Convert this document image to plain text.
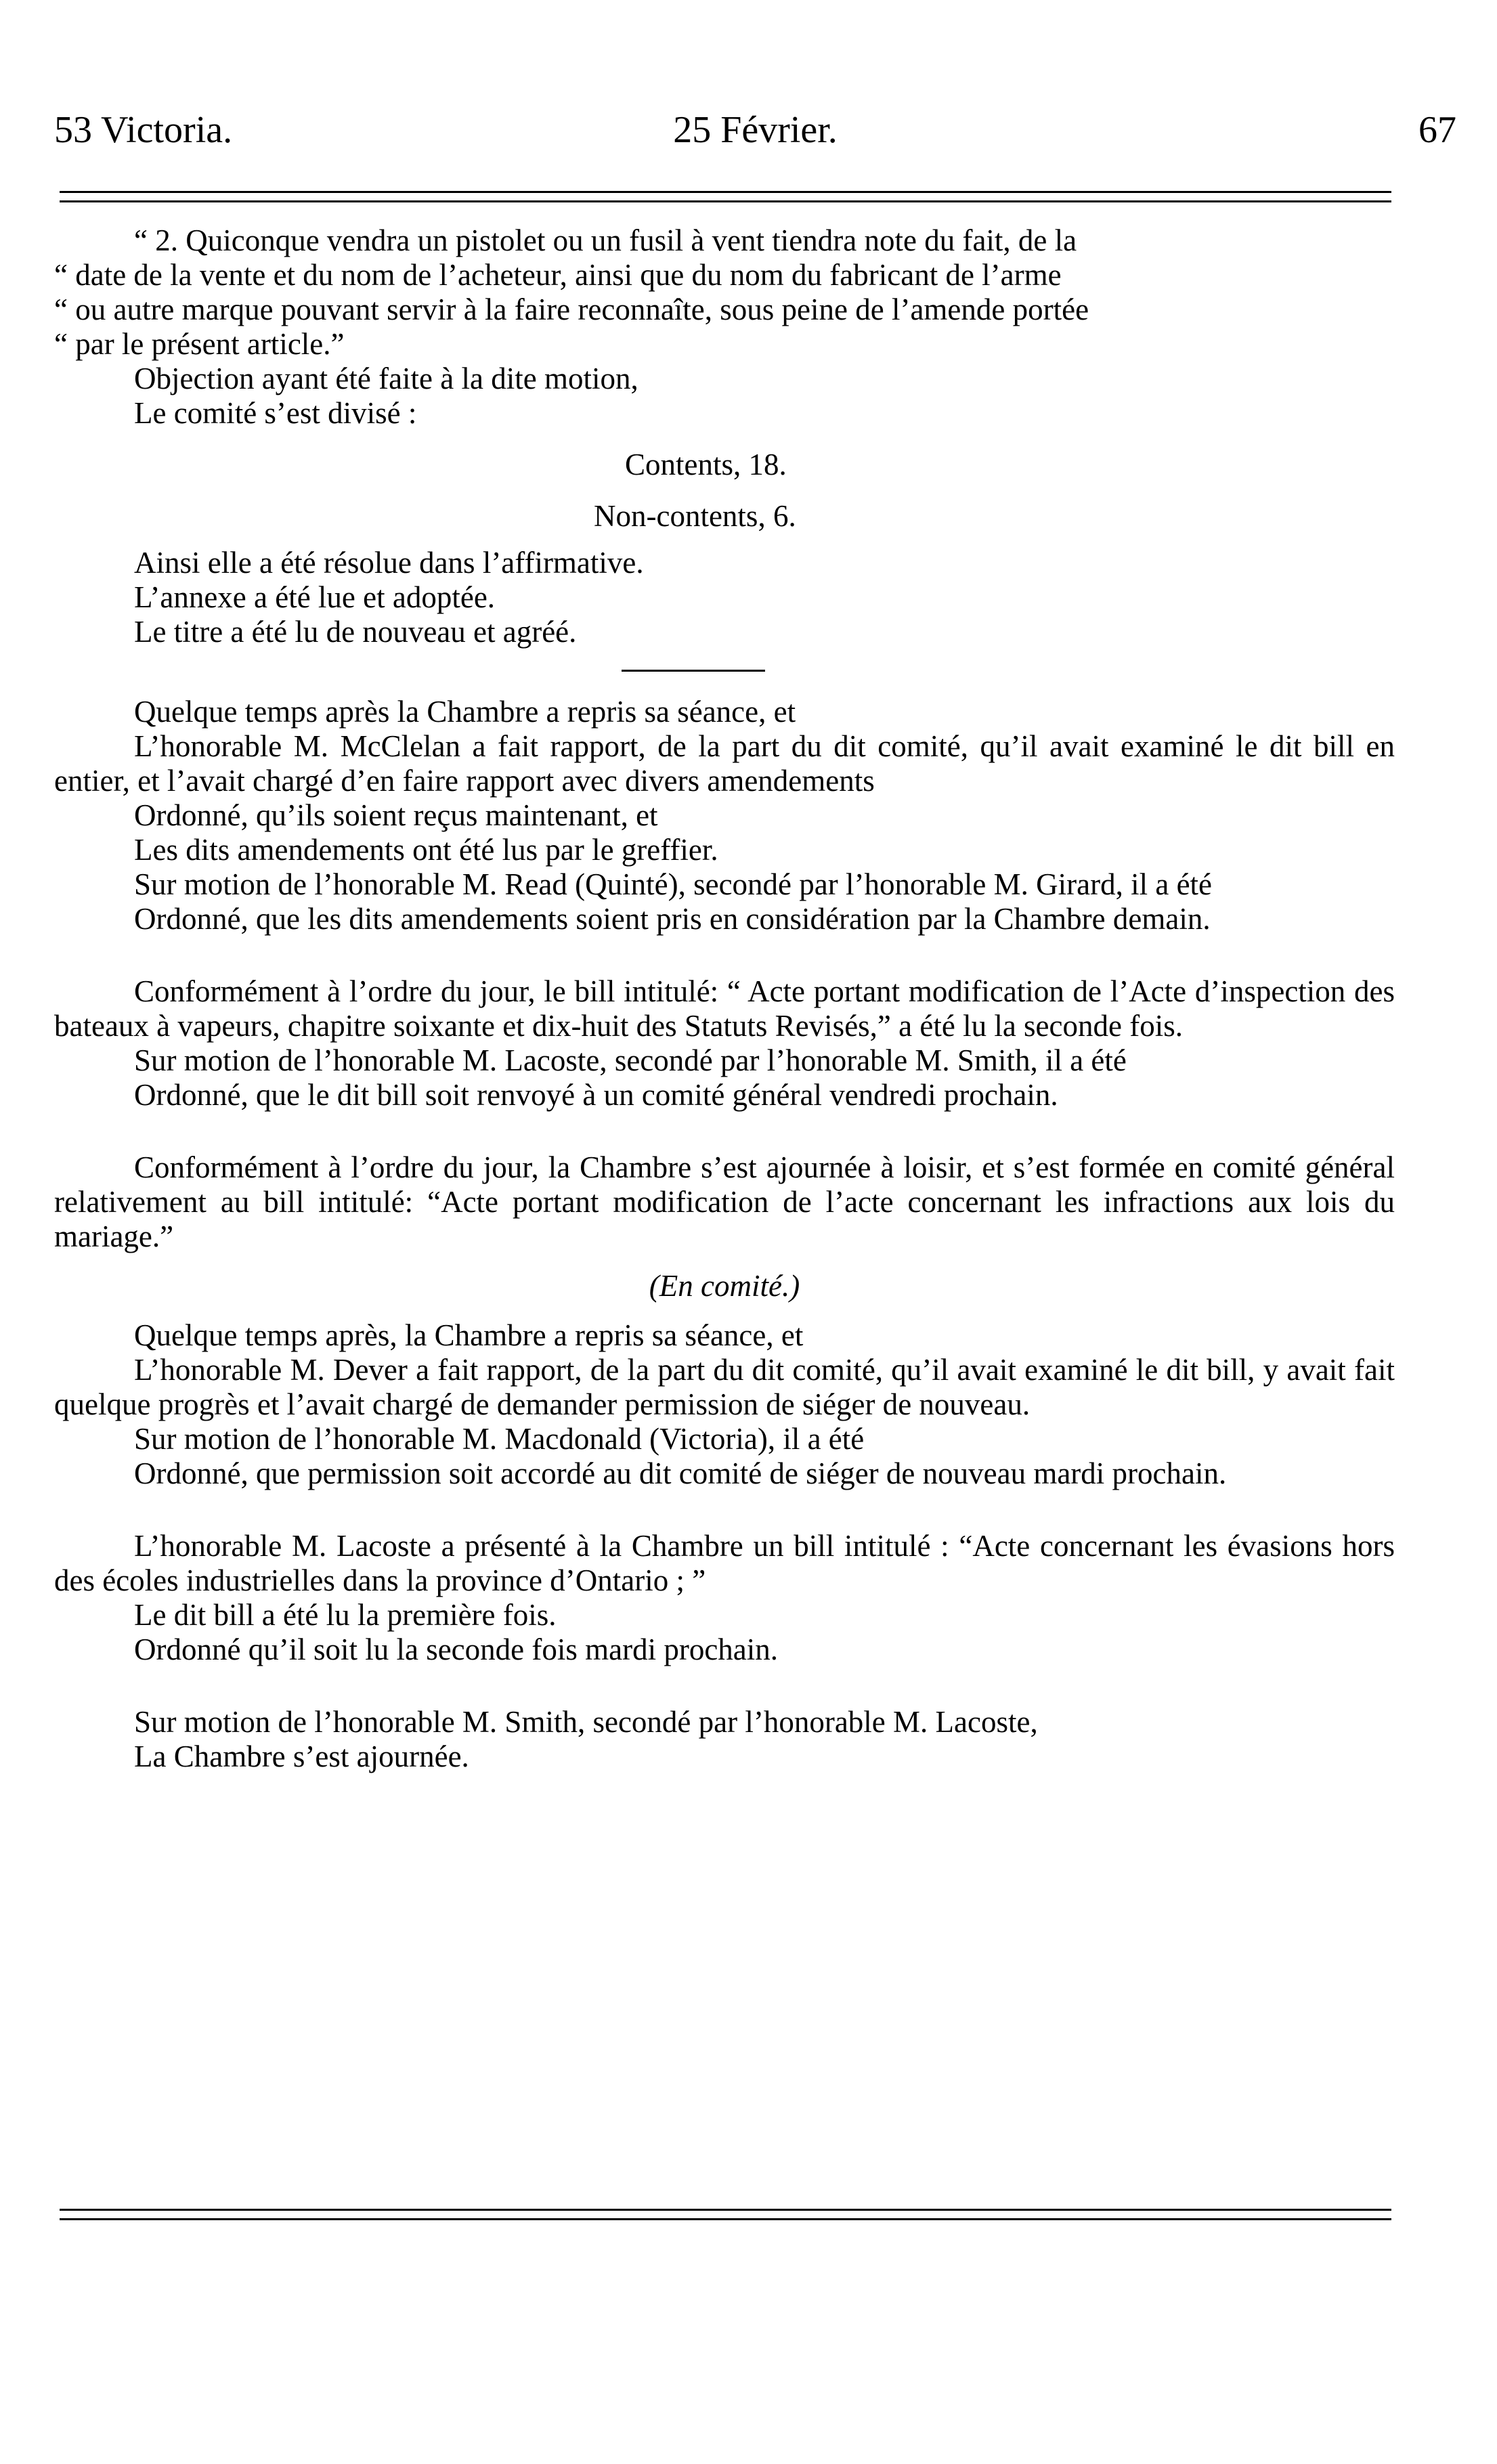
53 Victoria.	25 Février.	67

“ 2. Quiconque vendra un pistolet ou un fusil à vent tiendra note du fait, de la

“ date de la vente et du nom de l’acheteur, ainsi que du nom du fabricant de l’arme

“ ou autre marque pouvant servir à la faire reconnaîte, sous peine de l’amende portée

“ par le présent article.”

Objection ayant été faite à la dite motion,

Le comité s’est divisé :

Contents, 18.

Non-contents, 6.

Ainsi elle a été résolue dans l’affirmative.

L’annexe a été lue et adoptée.

Le titre a été lu de nouveau et agréé.

Quelque temps après la Chambre a repris sa séance, et

L’honorable M. McClelan a fait rapport, de la part du dit comité, qu’il avait examiné le dit bill en entier, et l’avait chargé d’en faire rapport avec divers amendements

Ordonné, qu’ils soient reçus maintenant, et

Les dits amendements ont été lus par le greffier.

Sur motion de l’honorable M. Read (Quinté), secondé par l’honorable M. Girard, il a été

Ordonné, que les dits amendements soient pris en considération par la Chambre demain.

Conformément à l’ordre du jour, le bill intitulé: “ Acte portant modification de l’Acte d’inspection des bateaux à vapeurs, chapitre soixante et dix-huit des Statuts Revisés,” a été lu la seconde fois.

Sur motion de l’honorable M. Lacoste, secondé par l’honorable M. Smith, il a été

Ordonné, que le dit bill soit renvoyé à un comité général vendredi prochain.

Conformément à l’ordre du jour, la Chambre s’est ajournée à loisir, et s’est formée en comité général relativement au bill intitulé: “Acte portant modification de l’acte concernant les infractions aux lois du mariage.”

(En comité.)

Quelque temps après, la Chambre a repris sa séance, et

L’honorable M. Dever a fait rapport, de la part du dit comité, qu’il avait examiné le dit bill, y avait fait quelque progrès et l’avait chargé de demander permission de siéger de nouveau.

Sur motion de l’honorable M. Macdonald (Victoria), il a été

Ordonné, que permission soit accordé au dit comité de siéger de nouveau mardi prochain.

L’honorable M. Lacoste a présenté à la Chambre un bill intitulé : “Acte concernant les évasions hors des écoles industrielles dans la province d’Ontario ; ”

Le dit bill a été lu la première fois.

Ordonné qu’il soit lu la seconde fois mardi prochain.

Sur motion de l’honorable M. Smith, secondé par l’honorable M. Lacoste,

La Chambre s’est ajournée.
